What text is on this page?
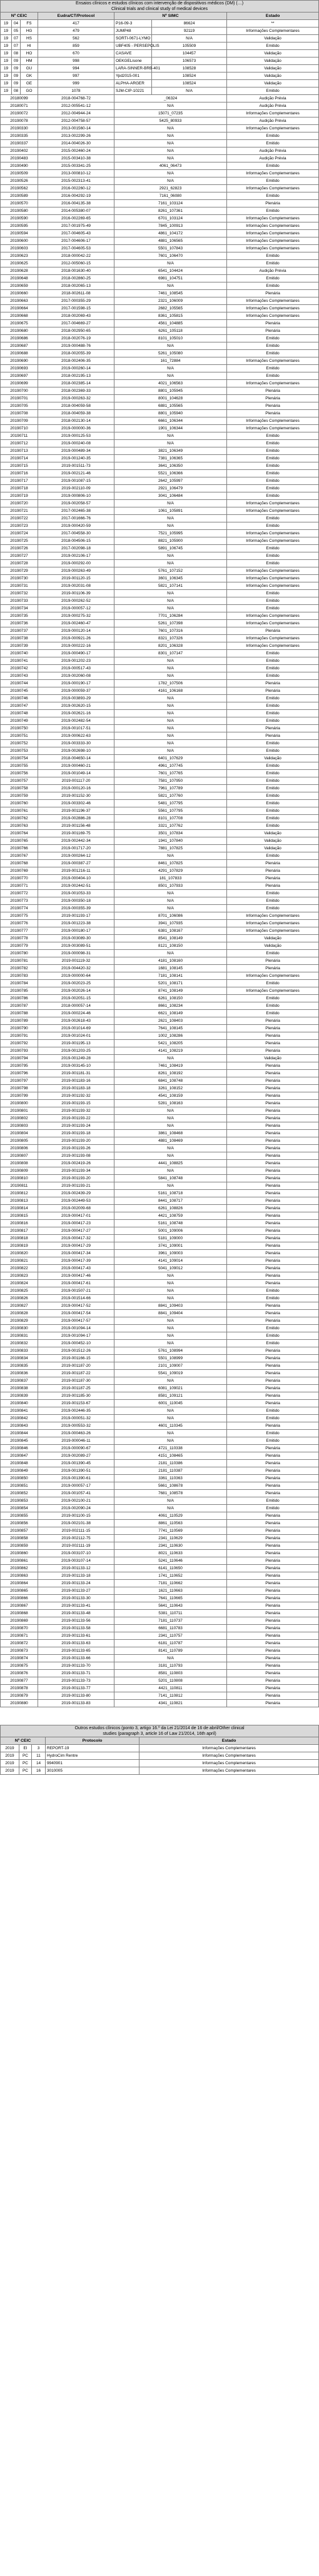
Ensaios clínicos e estudos clínicos com intervenção de dispositivos médicos (DM) (…)
Clinical trials and clinical study of medical devices						

Nº CEIC			Eudra/CT/Protocol	Nº SIMC		Estado

19	04	FS	417	P16-09-3	86624	**
19	05	HG	479	JUMP48	92119	Informações Complementares
19	07	HS	562	SORTI-0671-LYMO	N/A	Validação
19	07	HI	859	UBF405 - PERSEPOLIS	105509	Emitido
19	08	HO	670	CASAVE	104457	Validação
19	09	HM	998	OEKGELisone	106573	Validação
19	09	GU	994	LARA-SINNER-BRB-401	108528	Validação
19	09	GK	997	Ypd2015-001	108524	Validação
19	09	GE	999	ALPHA-ARGER	108524	Validação
19	08	GO	1078	SJM-CIP-10221	N/A	Emitido
20180099			2018-004768-72	_06324		Audição Prévia
20180071			2012-005541-12	N/A		Audição Prévia
20190072			2012-004944-24	15071_07235		Informações Complementares
20190078			2012-004758-57	5425_80933		Audição Prévia
20190330			2013-001560-14	N/A		Informações Complementares
20190335			2013-002299-26	N/A		Emitido
20190337			2014-004026-30	N/A		Emitido
20190402			2015-002460-24	N/A		Audição Prévia
20190483			2015-003410-38	N/A		Audição Prévia
20190490			2015-003341-25	4061_06473		Emitido
20190509			2013-000810-12	N/A		Informações Complementares
20190526			2015-002313-41	N/A		Emitido
20190562			2016-002260-12	2921_62823		Informações Complementares
20190589			2016-004292-19	7161_06080		Emitido
20190570			2016-004135-38	7161_103124		Plenária
20190580			2014-005380-07	8261_107361		Emitido
20190590			2016-002269-65	6701_103124		Informações Complementares
20190595			2017-001975-49	7845_100913		Informações Complementares
20190594			2017-004605-43	4861_104172		Informações Complementares
20190600			2017-004606-17	4881_106565		Informações Complementares
20190603			2017-004605-53	5501_107843		Informações Complementares
20190623			2018-000042-22	7601_106470		Emitido
20190625			2012-005060-15	N/A		Emitido
20190628			2018-001630-40	6541_104424		Audição Prévia
20190648			2018-002860-25	6981_104751		Emitido
20190659			2018-002065-13	N/A		Emitido
20190660			2018-002611-08	7461_108545		Plenária
20190663			2017-000355-29	2321_106009		Informações Complementares
20190664			2017-001598-15	2682_105565		Informações Complementares
20190668			2018-002069-43	8361_105815		Informações Complementares
20190675			2017-004669-27	4561_104885		Plenária
20190680			2018-002950-65	6261_105118		Plenária
20190686			2018-002076-19	8101_105010		Emitido
20190687			2019-000488-76	N/A		Emitido
20190688			2018-002055-39	5261_105080		Emitido
20190690			2018-002406-35	161_72884		Informações Complementares
20190693			2019-000260-14	N/A		Emitido
20190697			2018-002195-13	N/A		Emitido
20190699			2018-002385-14	4021_106563		Informações Complementares
20190700			2018-002369-33	8801_105945		Plenária
20190701			2019-000263-32	8001_104628		Plenária
20190705			2018-004059-58	6881_105565		Plenária
20190708			2018-004059-38	8801_105940		Plenária
20190709			2018-002130-14	6661_106344		Informações Complementares
20190710			2019-000000-36	1901_106344		Informações Complementares
20190711			2019-000125-53	N/A		Emitido
20190712			2019-000240-08	N/A		Emitido
20190713			2019-000489-34	3821_106349		Emitido
20190714			2019-001240-35	7381_106365		Emitido
20190715			2019-001511-73	3641_106350		Emitido
20190716			2019-002121-46	5521_106366		Emitido
20190717			2019-001087-15	2642_105997		Emitido
20190718			2019-002110-09	2921_106479		Emitido
20190719			2019-000806-10	3041_106484		Emitido
20190720			2019-002058-57	N/A		Informações Complementares
20190721			2017-002465-38	1061_105891		Informações Complementares
20190722			2017-001666-76	N/A		Emitido
20190723			2019-000420-59	N/A		Emitido
20190724			2017-004558-30	7521_105995		Informações Complementares
20190725			2018-004506-15	8821_105900		Informações Complementares
20190726			2017-002098-18	5891_106745		Emitido
20190727			2019-002106-17	N/A		Emitido
20190728			2019-000292-00	N/A		Emitido
20190729			2019-000263-49	5761_107152		Informações Complementares
20190730			2019-001120-15	3601_106345		Informações Complementares
20190731			2019-002031-08	5821_107141		Informações Complementares
20190732			2019-001106-39	N/A		Emitido
20190733			2019-000262-52	N/A		Emitido
20190734			2019-000057-12	N/A		Emitido
20190735			2019-000275-32	7701_106284		Informações Complementares
20190736			2019-002460-47	5261_107398		Informações Complementares
20190737			2019-000120-14	7601_107316		Plenária
20190738			2019-000921-26	8321_107326		Informações Complementares
20190739			2019-000222-16	8201_106328		Informações Complementares
20190740			2019-000490-17	8301_107147		Emitido
20190741			2019-001202-23	N/A		Emitido
20190742			2019-000517-43	N/A		Emitido
20190743			2019-002060-08	N/A		Emitido
20190744			2019-000190-17	1782_107506		Plenária
20190745			2019-000059-37	4161_106168		Plenária
20190746			2019-003893-29	N/A		Emitido
20190747			2019-002620-15	N/A		Emitido
20190748			2019-002621-16	N/A		Emitido
20190749			2019-002482-54	N/A		Emitido
20190750			2019-001017-51	N/A		Plenária
20190751			2019-000622-63	N/A		Plenária
20190752			2019-003333-30	N/A		Emitido
20190753			2019-002698-10	N/A		Emitido
20190754			2018-004650-14	6401_107629		Validação
20190755			2019-000460-21	4961_107745		Emitido
20190756			2019-001049-14	7601_107765		Emitido
20190757			2019-001117-20	7581_107950		Emitido
20190758			2019-000120-16	7961_107789		Emitido
20190759			2019-001152-30	5821_107760		Emitido
20190760			2019-003302-46	5481_107795		Emitido
20190761			2019-001196-37	5561_107795		Emitido
20190762			2019-002886-28	8101_107708		Emitido
20190763			2019-001156-48	3321_107762		Emitido
20190764			2019-001169-75	3501_107834		Validação
20190765			2019-002442-34	1941_107840		Validação
20190766			2019-001717-20	7881_107825		Validação
20190767			2019-000264-12	N/A		Emitido
20190768			2019-000387-27	8461_107825		Plenária
20190769			2019-001216-11	4291_107829		Plenária
20190770			2019-000404-10	181_107833		Plenária
20190771			2019-002442-51	8501_107933		Plenária
20190772			2019-001053-33	N/A		Emitido
20190773			2019-000350-18	N/A		Emitido
20190774			2019-000355-39	N/A		Emitido
20190775			2019-001193-17	8701_106086		Informações Complementares
20190776			2019-001223-38	3941_107935		Informações Complementares
20190777			2019-000180-17	6381_108167		Informações Complementares
20190778			2019-003089-30	8541_108149		Validação
20190779			2019-003089-51	8121_108150		Validação
20190780			2019-000098-31	N/A		Emitido
20190781			2019-001119-32	4181_108160		Plenária
20190782			2019-004420-32	1681_108145		Plenária
20190783			2019-000000-64	7181_108141		Informações Complementares
20190784			2019-002023-25	5201_108171		Emitido
20190785			2019-002026-14	8741_108149		Informações Complementares
20190786			2019-002051-15	6261_108150		Emitido
20190787			2018-000057-14	8661_108234		Emitido
20190788			2019-000224-46	6621_108149		Emitido
20190789			2019-002618-43	2621_108403		Plenária
20190790			2019-001014-69	7641_108145		Plenária
20190791			2019-001024-01	1002_108286		Plenária
20190792			2019-001195-13	5421_108205		Plenária
20190793			2019-001203-25	4141_108219		Plenária
20190794			2019-001249-28	N/A		Validação
20190795			2019-003145-10	7461_108419		Plenária
20190796			2019-001181-31	8261_108192		Plenária
20190797			2019-001183-16	6841_108748		Plenária
20190798			2019-001183-18	3261_108152		Plenária
20190799			2019-001192-32	4541_108159		Plenária
20190800			2019-001193-15	5281_108163		Plenária
20190801			2019-001193-32	N/A		Plenária
20190802			2019-001193-22	N/A		Plenária
20190803			2019-001193-24	N/A		Plenária
20190804			2019-001193-18	3861_108468		Plenária
20190805			2019-001193-20	4881_108469		Plenária
20190806			2019-001193-26	N/A		Plenária
20190807			2019-001193-08	N/A		Plenária
20190808			2019-002419-26	4441_108825		Plenária
20190809			2019-001193-34	N/A		Plenária
20190810			2019-001193-20	5841_108748		Plenária
20190811			2019-001193-21	N/A		Plenária
20190812			2019-002439-29	5161_108718		Plenária
20190813			2019-002449-53	8441_108717		Plenária
20190814			2019-002009-68	6261_108826		Plenária
20190815			2019-000417-01	4421_108759		Plenária
20190816			2019-000417-23	5161_108748		Plenária
20190817			2019-000417-27	5001_109006		Plenária
20190818			2019-000417-32	5181_109000		Plenária
20190819			2019-000417-29	3741_109001		Plenária
20190820			2019-000417-34	3961_109003		Plenária
20190821			2019-000417-39	4141_109014		Plenária
20190822			2019-000417-43	5041_109012		Plenária
20190823			2019-000417-46	N/A		Plenária
20190824			2019-000417-61	N/A		Plenária
20190825			2019-001507-21	N/A		Emitido
20190826			2019-001514-66	N/A		Emitido
20190827			2019-000417-52	8841_109403		Plenária
20190828			2019-000417-54	8841_109404		Plenária
20190829			2019-000417-57	N/A		Plenária
20190830			2019-001094-14	N/A		Emitido
20190831			2019-001094-17	N/A		Emitido
20190832			2019-000452-10	N/A		Emitido
20190833			2019-001512-26	5761_108994		Plenária
20190834			2019-001166-15	5501_108999		Plenária
20190835			2019-001187-20	2101_109007		Plenária
20190836			2019-001187-22	5541_109019		Plenária
20190837			2019-001187-30	N/A		Plenária
20190838			2019-001187-25	6081_109021		Plenária
20190839			2019-001185-30	8581_109121		Plenária
20190840			2019-001153-67	6001_110045		Plenária
20190841			2019-002446-35	N/A		Emitido
20190842			2019-000051-32	N/A		Emitido
20190843			2019-000553-32	4601_110345		Plenária
20190844			2019-000463-26	N/A		Emitido
20190845			2019-000046-11	N/A		Emitido
20190846			2019-000090-67	4721_110338		Plenária
20190847			2019-002089-27	4151_108465		Plenária
20190848			2019-001390-45	2181_110386		Plenária
20190849			2019-001390-51	2181_110387		Plenária
20190850			2019-001390-61	3361_110363		Plenária
20190851			2019-000057-17	5661_108678		Plenária
20190852			2019-001057-41	7681_108578		Plenária
20190853			2019-002100-21	N/A		Emitido
20190854			2019-002090-24	N/A		Emitido
20190855			2019-001100-15	4061_110529		Plenária
20190856			2019-002101-38	8861_110563		Plenária
20190857			2019-002111-15	7741_110569		Plenária
20190858			2019-002112-75	2341_110629		Plenária
20190859			2019-002111-19	2341_110630		Plenária
20190860			2019-003107-10	8021_110633		Plenária
20190861			2019-003107-14	5241_110646		Plenária
20190862			2019-001133-12	6141_110650		Plenária
20190863			2019-001133-18	1741_110652		Plenária
20190864			2019-001133-24	7181_110662		Plenária
20190865			2019-001133-27	1621_110663		Plenária
20190866			2019-001133-30	7641_110665		Plenária
20190867			2019-001133-41	5641_110643		Plenária
20190868			2019-001133-48	5381_110711		Plenária
20190869			2019-001133-56	7181_110737		Plenária
20190870			2019-001133-58	6681_110783		Plenária
20190871			2019-001133-61	2341_110757		Plenária
20190872			2019-001133-63	6181_110787		Plenária
20190873			2019-001133-65	8141_110789		Plenária
20190874			2019-001133-66	N/A		Plenária
20190875			2019-001133-70	3181_110793		Plenária
20190876			2019-001133-71	8581_110803		Plenária
20190877			2019-001133-73	5201_110808		Plenária
20190878			2019-001133-77	4421_110811		Plenária
20190879			2019-001133-80	7141_110812		Plenária
20190880			2019-001133-83	4341_110821		Plenária
Outros estudos clínicos (ponto 3, artigo 16.º da Lei 21/2014 de 16 de abril/Other clinical
studies (paragraph 3, article 16 of Law 21/2014, 16th april)				

Nº CEIC			Protocolo	Estado
2019	EI	3	REPORT-19	Informações Complementares
2019	PC	11	HydroCim Rentre	Informações Complementares
2019	PC	14	9940901	Informações Complementares
2019	PC	16	3010005	Informações Complementares
